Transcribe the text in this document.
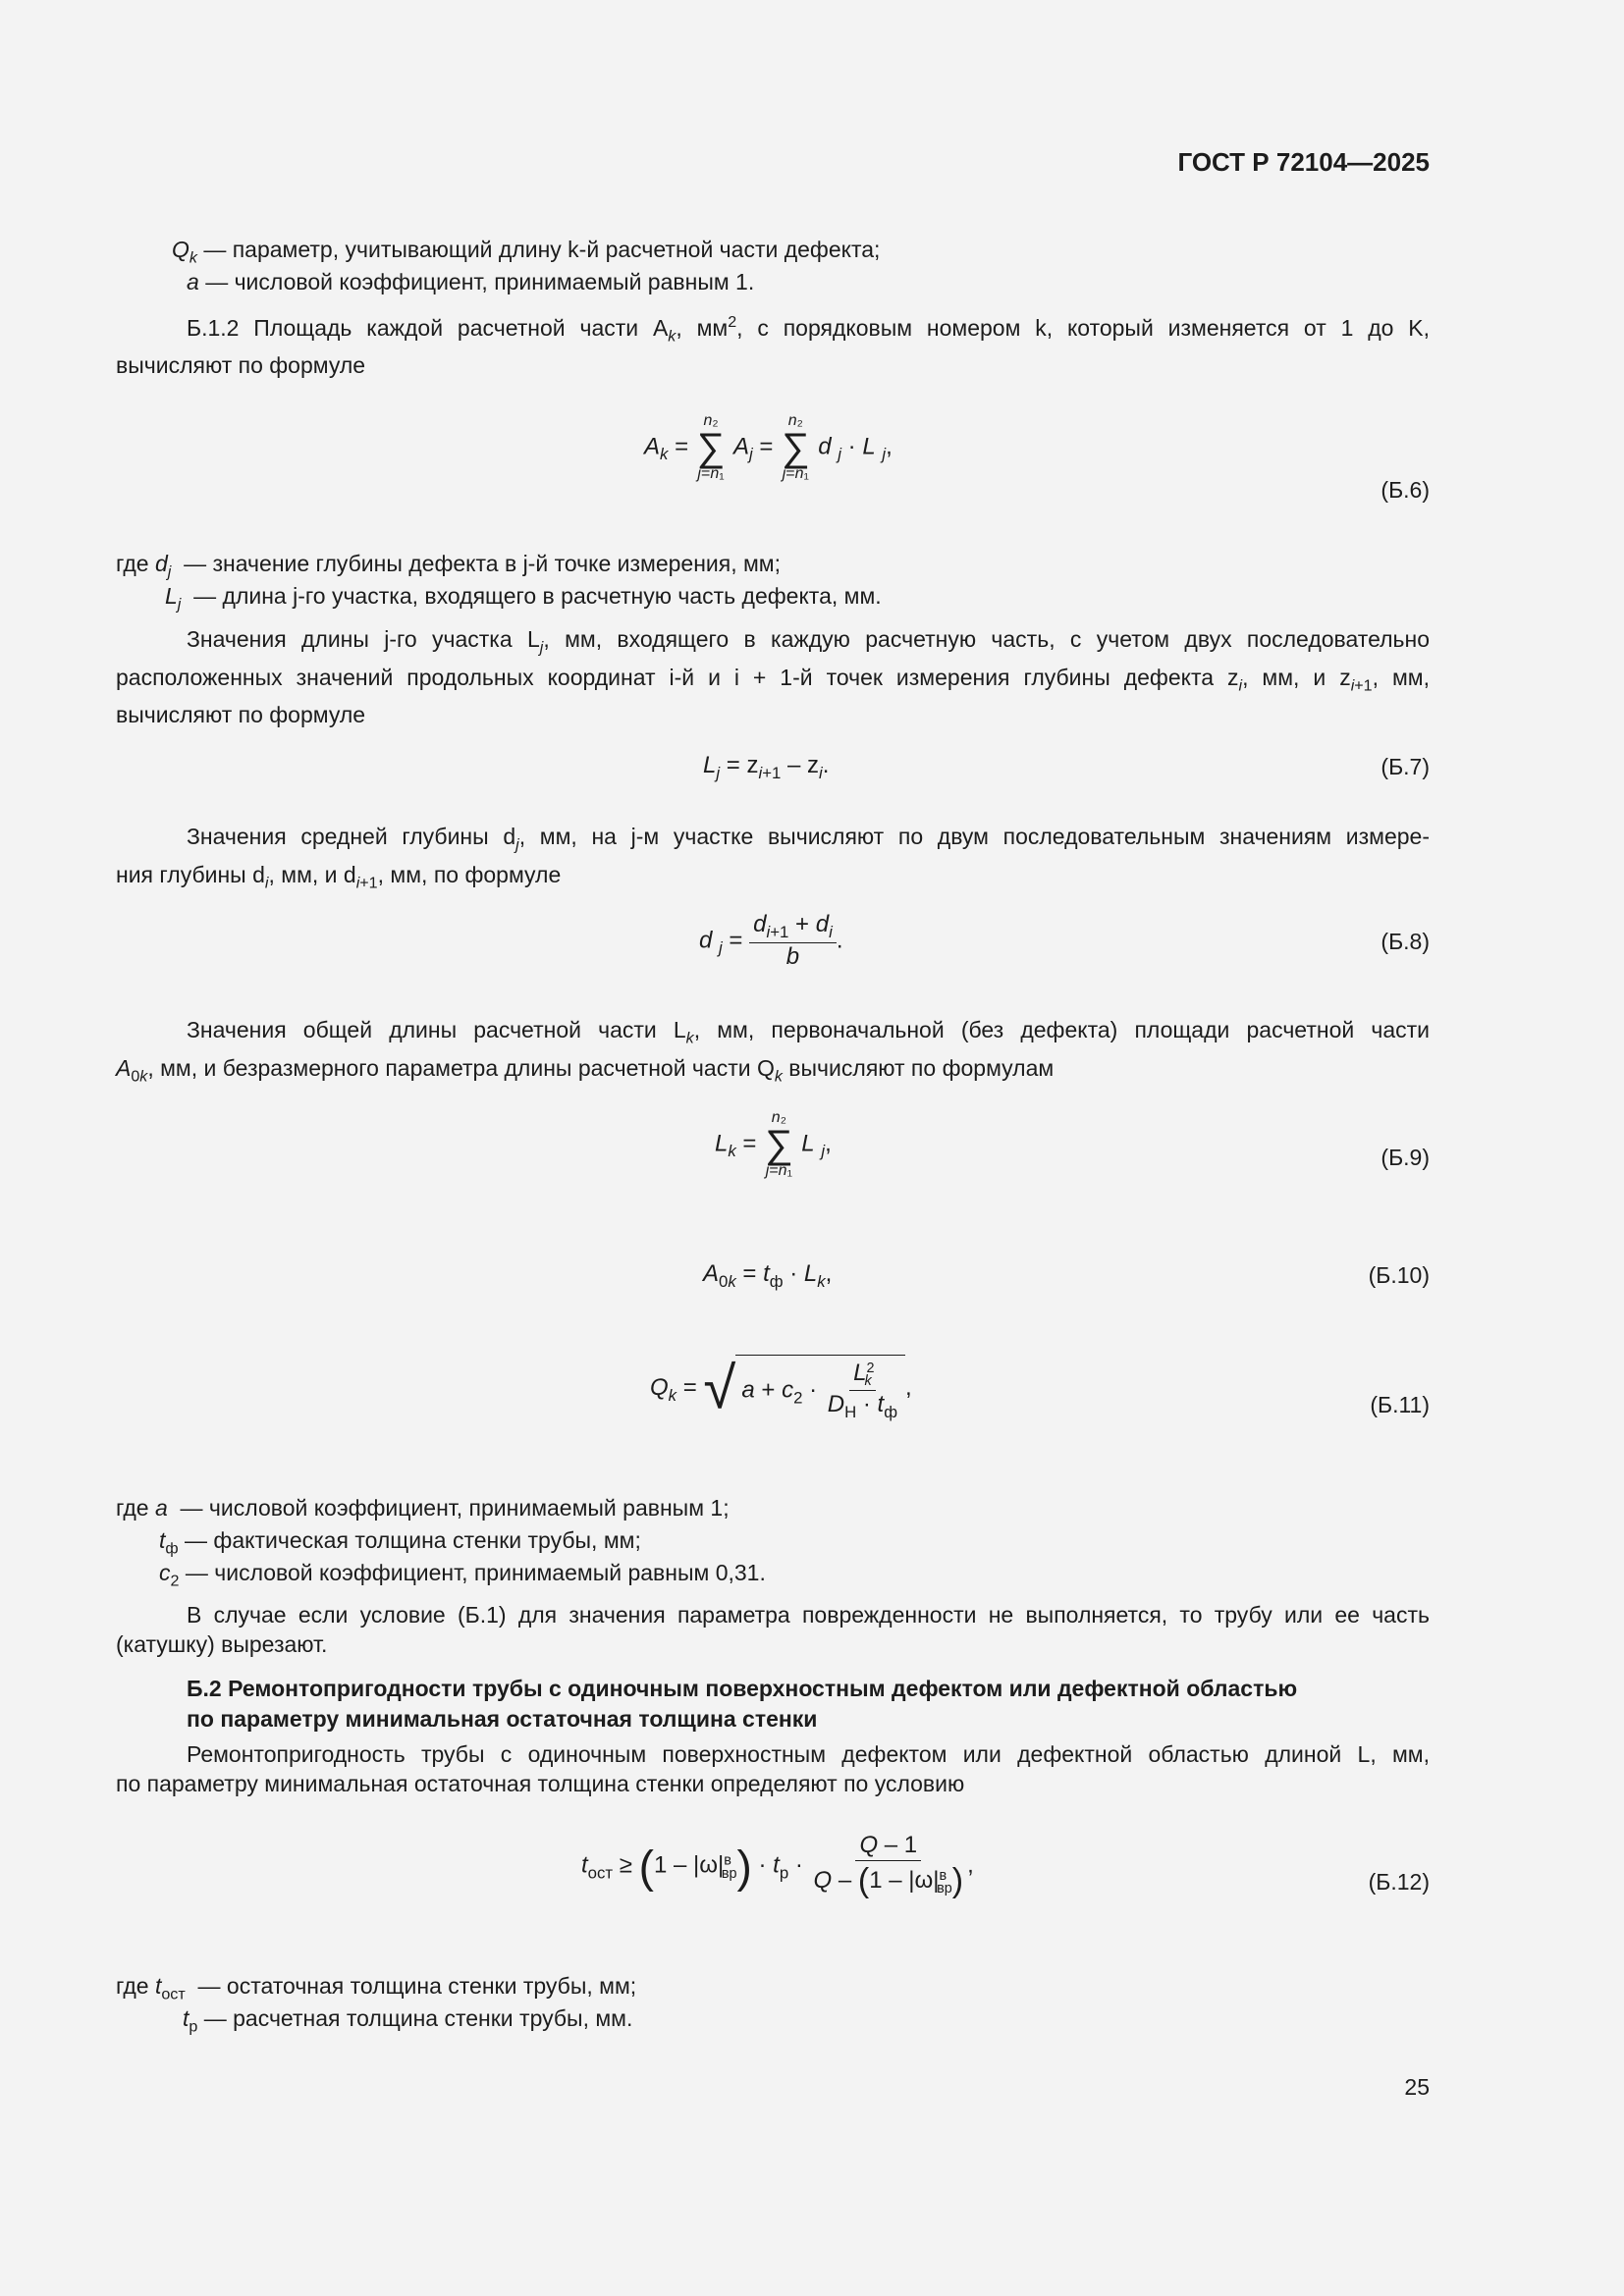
ГОСТ Р 72104—2025
$Q_k$ — параметр, учитывающий длину k-й расчетной части дефекта;
a — числовой коэффициент, принимаемый равным 1.
Б.1.2 Площадь каждой расчетной части $A_k$, $мм^2$, с порядковым номером k, который изменяется от 1 до K,
вычисляют по формуле
$A_k$ =
n₂
∑
j=n₁
$A_j$ =
n₂
∑
j=n₁
d $_j$ · L $_j$,
(Б.6)
где $d_j$ — значение глубины дефекта в j-й точке измерения, мм;
$L_j$ — длина j-го участка, входящего в расчетную часть дефекта, мм.
Значения длины j-го участка $L_j$, мм, входящего в каждую расчетную часть, с учетом двух последовательно
расположенных значений продольных координат i-й и i + 1-й точек измерения глубины дефекта $z_i$, мм, и $z_{i+1}$, мм,
вычисляют по формуле
$L_j = z_{i+1} - z_i$.	(Б.7)
Значения средней глубины $d_j$, мм, на j-м участке вычисляют по двум последовательным значениям измере-
ния глубины $d_i$, мм, и $d_{i+1}$, мм, по формуле
d $_j = \frac{d_{i+1} + d_i}{b}$ .	(Б.8)
Значения общей длины расчетной части $L_k$, мм, первоначальной (без дефекта) площади расчетной части
$A_{0k}$, мм, и безразмерного параметра длины расчетной части $Q_k$ вычисляют по формулам
$L_k$ =
n₂
∑
j=n₁
L $_j$,
(Б.9)
$A_{0k} = t_ф \cdot L_k$,	(Б.10)
$Q_k$ = √ $a + c_2 \cdot \frac{L^2_k}{D_Н \cdot t_ф}$ ,
(Б.11)
где a — числовой коэффициент, принимаемый равным 1;
$t_ф$ — фактическая толщина стенки трубы, мм;
$c_2$ — числовой коэффициент, принимаемый равным 0,31.
В случае если условие (Б.1) для значения параметра поврежденности не выполняется, то трубу или ее часть
(катушку) вырезают.
Б.2 Ремонтопригодности трубы с одиночным поверхностным дефектом или дефектной областью
по параметру минимальная остаточная толщина стенки
Ремонтопригодность трубы с одиночным поверхностным дефектом или дефектной областью длиной L, мм,
по параметру минимальная остаточная толщина стенки определяют по условию
$t_{ост} \ge (1 - |\omega|^в_{вр}) \cdot t_р \cdot \frac{Q - 1}{Q - (1 - |\omega|^в_{вр})}$ ,
(Б.12)
где $t_{ост}$ — остаточная толщина стенки трубы, мм;
$t_р$ — расчетная толщина стенки трубы, мм.
25
